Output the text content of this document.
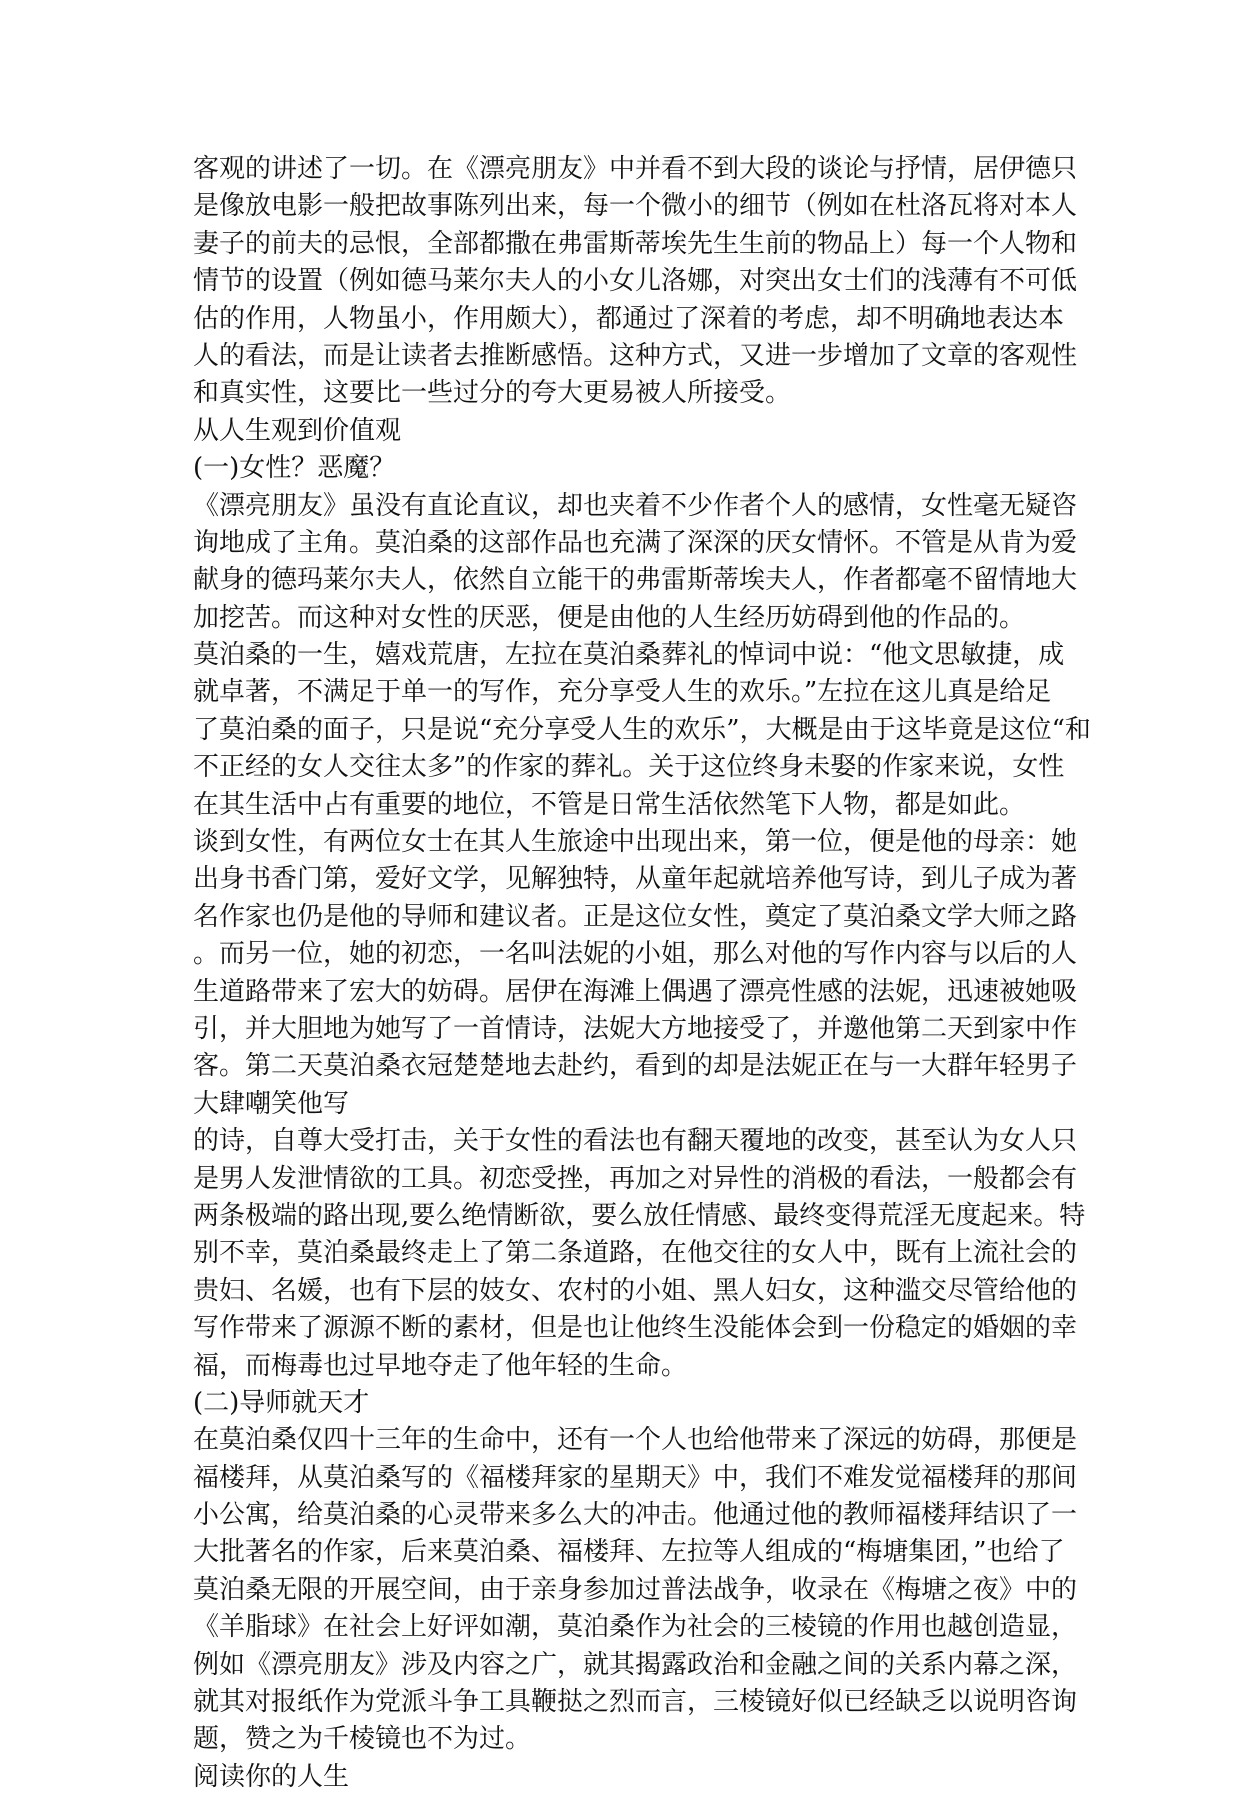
客观的讲述了一切。在《漂亮朋友》中并看不到大段的谈论与抒情，居伊德只
是像放电影一般把故事陈列出来，每一个微小的细节（例如在杜洛瓦将对本人
妻子的前夫的忌恨，全部都撒在弗雷斯蒂埃先生生前的物品上）每一个人物和
情节的设置（例如德马莱尔夫人的小女儿洛娜，对突出女士们的浅薄有不可低
估的作用，人物虽小，作用颇大），都通过了深着的考虑，却不明确地表达本
人的看法，而是让读者去推断感悟。这种方式，又进一步增加了文章的客观性
和真实性，这要比一些过分的夸大更易被人所接受。
从人生观到价值观
(一)女性？恶魔？
《漂亮朋友》虽没有直论直议，却也夹着不少作者个人的感情，女性毫无疑咨
询地成了主角。莫泊桑的这部作品也充满了深深的厌女情怀。不管是从肯为爱
献身的德玛莱尔夫人，依然自立能干的弗雷斯蒂埃夫人，作者都毫不留情地大
加挖苦。而这种对女性的厌恶，便是由他的人生经历妨碍到他的作品的。
莫泊桑的一生，嬉戏荒唐，左拉在莫泊桑葬礼的悼词中说：“他文思敏捷，成
就卓著，不满足于单一的写作，充分享受人生的欢乐。”左拉在这儿真是给足
了莫泊桑的面子，只是说“充分享受人生的欢乐”，大概是由于这毕竟是这位“和
不正经的女人交往太多”的作家的葬礼。关于这位终身未娶的作家来说，女性
在其生活中占有重要的地位，不管是日常生活依然笔下人物，都是如此。
谈到女性，有两位女士在其人生旅途中出现出来，第一位，便是他的母亲：她
出身书香门第，爱好文学，见解独特，从童年起就培养他写诗，到儿子成为著
名作家也仍是他的导师和建议者。正是这位女性，奠定了莫泊桑文学大师之路
。而另一位，她的初恋，一名叫法妮的小姐，那么对他的写作内容与以后的人
生道路带来了宏大的妨碍。居伊在海滩上偶遇了漂亮性感的法妮，迅速被她吸
引，并大胆地为她写了一首情诗，法妮大方地接受了，并邀他第二天到家中作
客。第二天莫泊桑衣冠楚楚地去赴约，看到的却是法妮正在与一大群年轻男子
大肆嘲笑他写
的诗，自尊大受打击，关于女性的看法也有翻天覆地的改变，甚至认为女人只
是男人发泄情欲的工具。初恋受挫，再加之对异性的消极的看法，一般都会有
两条极端的路出现,要么绝情断欲，要么放任情感、最终变得荒淫无度起来。特
别不幸，莫泊桑最终走上了第二条道路，在他交往的女人中，既有上流社会的
贵妇、名媛，也有下层的妓女、农村的小姐、黑人妇女，这种滥交尽管给他的
写作带来了源源不断的素材，但是也让他终生没能体会到一份稳定的婚姻的幸
福，而梅毒也过早地夺走了他年轻的生命。
(二)导师就天才
在莫泊桑仅四十三年的生命中，还有一个人也给他带来了深远的妨碍，那便是
福楼拜，从莫泊桑写的《福楼拜家的星期天》中，我们不难发觉福楼拜的那间
小公寓，给莫泊桑的心灵带来多么大的冲击。他通过他的教师福楼拜结识了一
大批著名的作家，后来莫泊桑、福楼拜、左拉等人组成的“梅塘集团，”也给了
莫泊桑无限的开展空间，由于亲身参加过普法战争，收录在《梅塘之夜》中的
《羊脂球》在社会上好评如潮，莫泊桑作为社会的三棱镜的作用也越创造显，
例如《漂亮朋友》涉及内容之广，就其揭露政治和金融之间的关系内幕之深，
就其对报纸作为党派斗争工具鞭挞之烈而言，三棱镜好似已经缺乏以说明咨询
题，赞之为千棱镜也不为过。
阅读你的人生
